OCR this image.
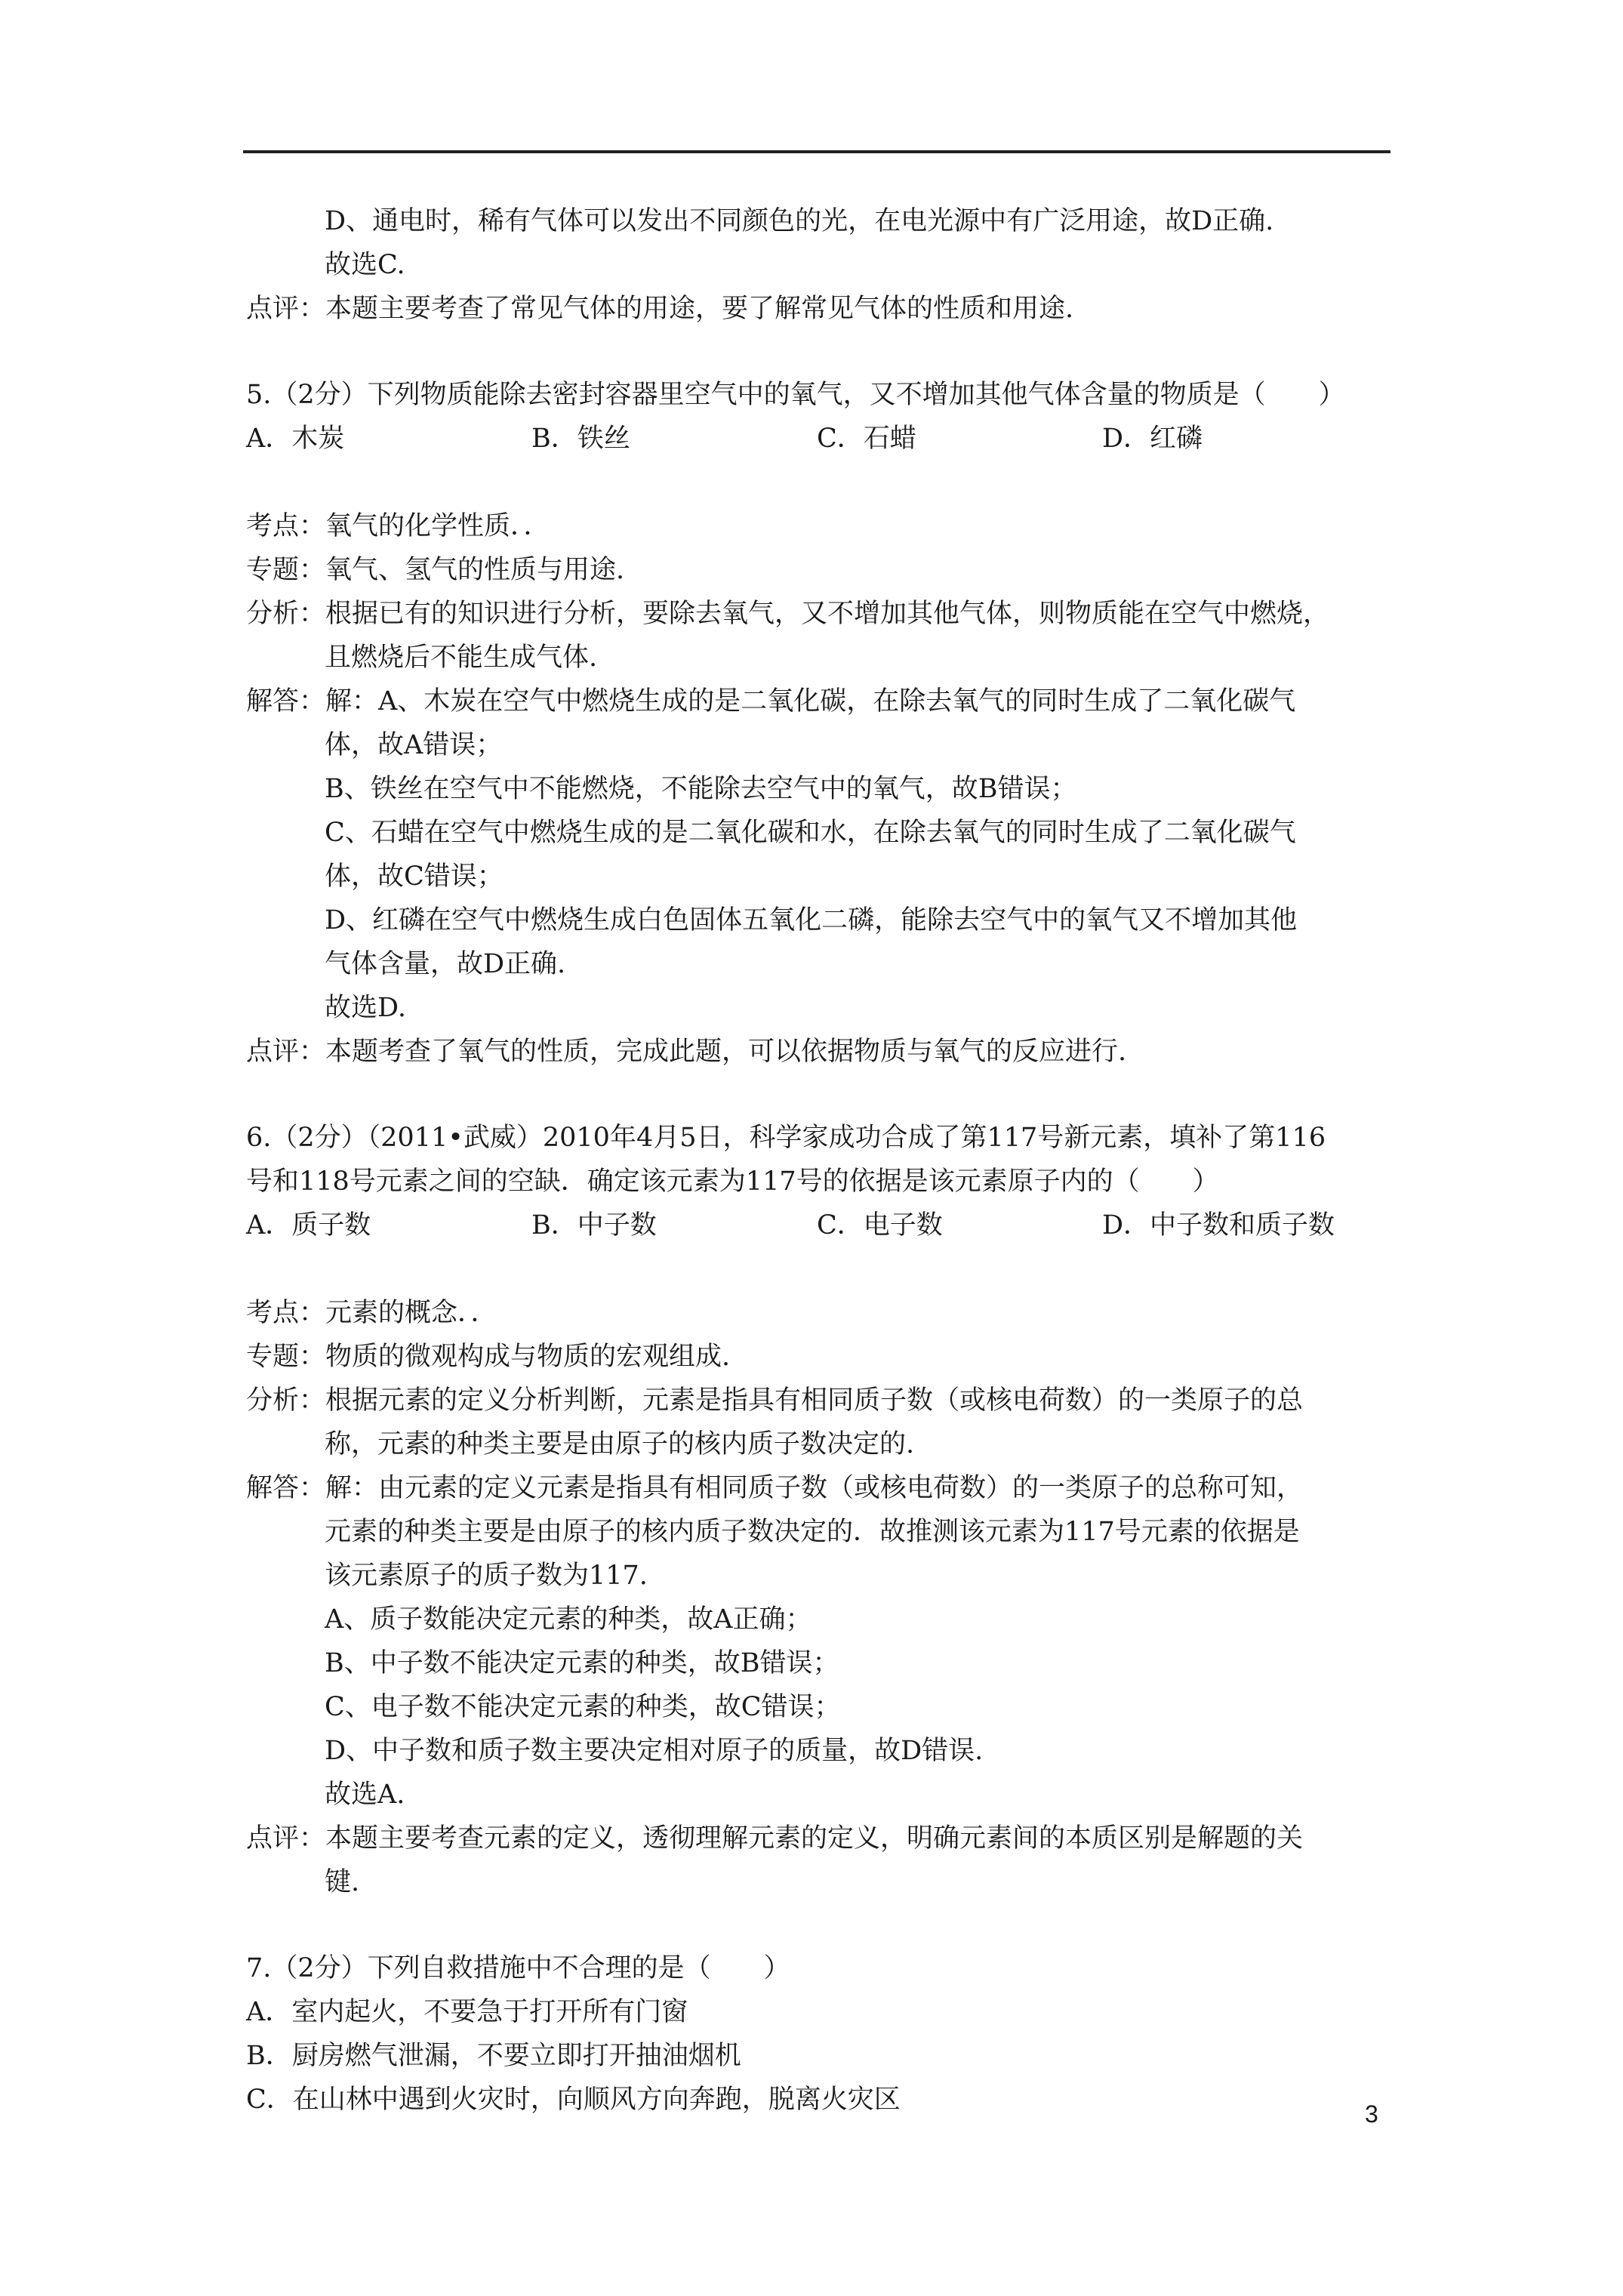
D、通电时，稀有气体可以发出不同颜色的光，在电光源中有广泛用途，故D正确.
故选C.
点评：本题主要考查了常见气体的用途，要了解常见气体的性质和用途.
5.（2分）下列物质能除去密封容器里空气中的氧气，又不增加其他气体含量的物质是（　　）
A．木炭	B．铁丝	C．石蜡	D．红磷
考点：氧气的化学性质．．
专题：氧气、氢气的性质与用途.
分析：根据已有的知识进行分析，要除去氧气，又不增加其他气体，则物质能在空气中燃烧，
且燃烧后不能生成气体.
解答：解：A、木炭在空气中燃烧生成的是二氧化碳，在除去氧气的同时生成了二氧化碳气
体，故A错误；
B、铁丝在空气中不能燃烧，不能除去空气中的氧气，故B错误；
C、石蜡在空气中燃烧生成的是二氧化碳和水，在除去氧气的同时生成了二氧化碳气
体，故C错误；
D、红磷在空气中燃烧生成白色固体五氧化二磷，能除去空气中的氧气又不增加其他
气体含量，故D正确.
故选D.
点评：本题考查了氧气的性质，完成此题，可以依据物质与氧气的反应进行.
6.（2分）（2011•武威）2010年4月5日，科学家成功合成了第117号新元素，填补了第116
号和118号元素之间的空缺．确定该元素为117号的依据是该元素原子内的（　　）
A．质子数	B．中子数	C．电子数	D．中子数和质子数
考点：元素的概念．．
专题：物质的微观构成与物质的宏观组成.
分析：根据元素的定义分析判断，元素是指具有相同质子数（或核电荷数）的一类原子的总
称，元素的种类主要是由原子的核内质子数决定的.
解答：解：由元素的定义元素是指具有相同质子数（或核电荷数）的一类原子的总称可知，
元素的种类主要是由原子的核内质子数决定的．故推测该元素为117号元素的依据是
该元素原子的质子数为117.
A、质子数能决定元素的种类，故A正确；
B、中子数不能决定元素的种类，故B错误；
C、电子数不能决定元素的种类，故C错误；
D、中子数和质子数主要决定相对原子的质量，故D错误.
故选A.
点评：本题主要考查元素的定义，透彻理解元素的定义，明确元素间的本质区别是解题的关
键.
7.（2分）下列自救措施中不合理的是（　　）
A．室内起火，不要急于打开所有门窗
B．厨房燃气泄漏，不要立即打开抽油烟机
C．在山林中遇到火灾时，向顺风方向奔跑，脱离火灾区	3
